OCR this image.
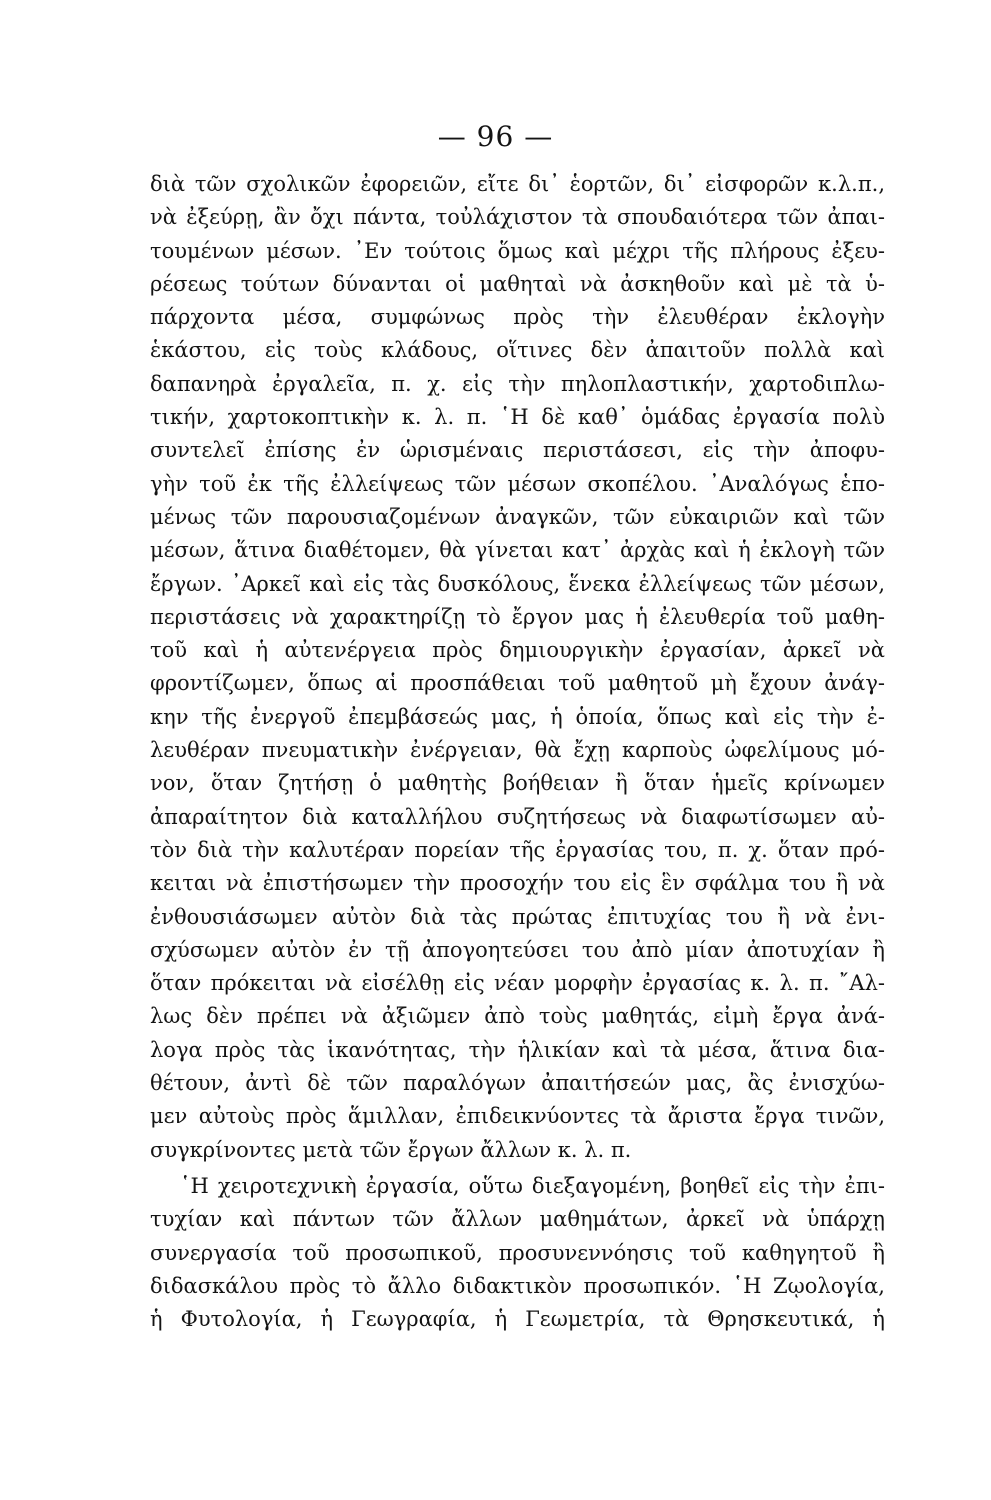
— 96 —
διὰ τῶν σχολικῶν ἐφορειῶν, εἴτε δι᾿ ἑορτῶν, δι᾿ εἰσφορῶν κ.λ.π.,
νὰ ἐξεύρῃ, ἂν ὄχι πάντα, τοὐλάχιστον τὰ σπουδαιότερα τῶν ἀπαι-
τουμένων μέσων. ᾿Εν τούτοις ὅμως καὶ μέχρι τῆς πλήρους ἐξευ-
ρέσεως τούτων δύνανται οἱ μαθηταὶ νὰ ἀσκηθοῦν καὶ μὲ τὰ ὑ-
πάρχοντα μέσα, συμφώνως πρὸς τὴν ἐλευθέραν ἐκλογὴν
ἑκάστου, εἰς τοὺς κλάδους, οἵτινες δὲν ἀπαιτοῦν πολλὰ καὶ
δαπανηρὰ ἐργαλεῖα, π. χ. εἰς τὴν πηλοπλαστικήν, χαρτοδιπλω-
τικήν, χαρτοκοπτικὴν κ. λ. π. ῾Η δὲ καθ᾿ ὁμάδας ἐργασία πολὺ
συντελεῖ ἐπίσης ἐν ὡρισμέναις περιστάσεσι, εἰς τὴν ἀποφυ-
γὴν τοῦ ἐκ τῆς ἐλλείψεως τῶν μέσων σκοπέλου. ᾿Αναλόγως ἑπο-
μένως τῶν παρουσιαζομένων ἀναγκῶν, τῶν εὐκαιριῶν καὶ τῶν
μέσων, ἅτινα διαθέτομεν, θὰ γίνεται κατ᾿ ἀρχὰς καὶ ἡ ἐκλογὴ τῶν
ἔργων. ᾿Αρκεῖ καὶ εἰς τὰς δυσκόλους, ἕνεκα ἐλλείψεως τῶν μέσων,
περιστάσεις νὰ χαρακτηρίζῃ τὸ ἔργον μας ἡ ἐλευθερία τοῦ μαθη-
τοῦ καὶ ἡ αὐτενέργεια πρὸς δημιουργικὴν ἐργασίαν, ἀρκεῖ νὰ
φροντίζωμεν, ὅπως αἱ προσπάθειαι τοῦ μαθητοῦ μὴ ἔχουν ἀνάγ-
κην τῆς ἐνεργοῦ ἐπεμβάσεώς μας, ἡ ὁποία, ὅπως καὶ εἰς τὴν ἐ-
λευθέραν πνευματικὴν ἐνέργειαν, θὰ ἔχῃ καρποὺς ὠφελίμους μό-
νον, ὅταν ζητήσῃ ὁ μαθητὴς βοήθειαν ἢ ὅταν ἡμεῖς κρίνωμεν
ἀπαραίτητον διὰ καταλλήλου συζητήσεως νὰ διαφωτίσωμεν αὐ-
τὸν διὰ τὴν καλυτέραν πορείαν τῆς ἐργασίας του, π. χ. ὅταν πρό-
κειται νὰ ἐπιστήσωμεν τὴν προσοχήν του εἰς ἓν σφάλμα του ἢ νὰ
ἐνθουσιάσωμεν αὐτὸν διὰ τὰς πρώτας ἐπιτυχίας του ἢ νὰ ἐνι-
σχύσωμεν αὐτὸν ἐν τῇ ἀπογοητεύσει του ἀπὸ μίαν ἀποτυχίαν ἢ
ὅταν πρόκειται νὰ εἰσέλθῃ εἰς νέαν μορφὴν ἐργασίας κ. λ. π. ῎Αλ-
λως δὲν πρέπει νὰ ἀξιῶμεν ἀπὸ τοὺς μαθητάς, εἰμὴ ἔργα ἀνά-
λογα πρὸς τὰς ἱκανότητας, τὴν ἡλικίαν καὶ τὰ μέσα, ἅτινα δια-
θέτουν, ἀντὶ δὲ τῶν παραλόγων ἀπαιτήσεών μας, ἂς ἐνισχύω-
μεν αὐτοὺς πρὸς ἅμιλλαν, ἐπιδεικνύοντες τὰ ἄριστα ἔργα τινῶν,
συγκρίνοντες μετὰ τῶν ἔργων ἄλλων κ. λ. π.
῾Η χειροτεχνικὴ ἐργασία, οὕτω διεξαγομένη, βοηθεῖ εἰς τὴν ἐπι-
τυχίαν καὶ πάντων τῶν ἄλλων μαθημάτων, ἀρκεῖ νὰ ὑπάρχῃ
συνεργασία τοῦ προσωπικοῦ, προσυνεννόησις τοῦ καθηγητοῦ ἢ
διδασκάλου πρὸς τὸ ἄλλο διδακτικὸν προσωπικόν. ῾Η Ζῳολογία,
ἡ Φυτολογία, ἡ Γεωγραφία, ἡ Γεωμετρία, τὰ Θρησκευτικά, ἡ
